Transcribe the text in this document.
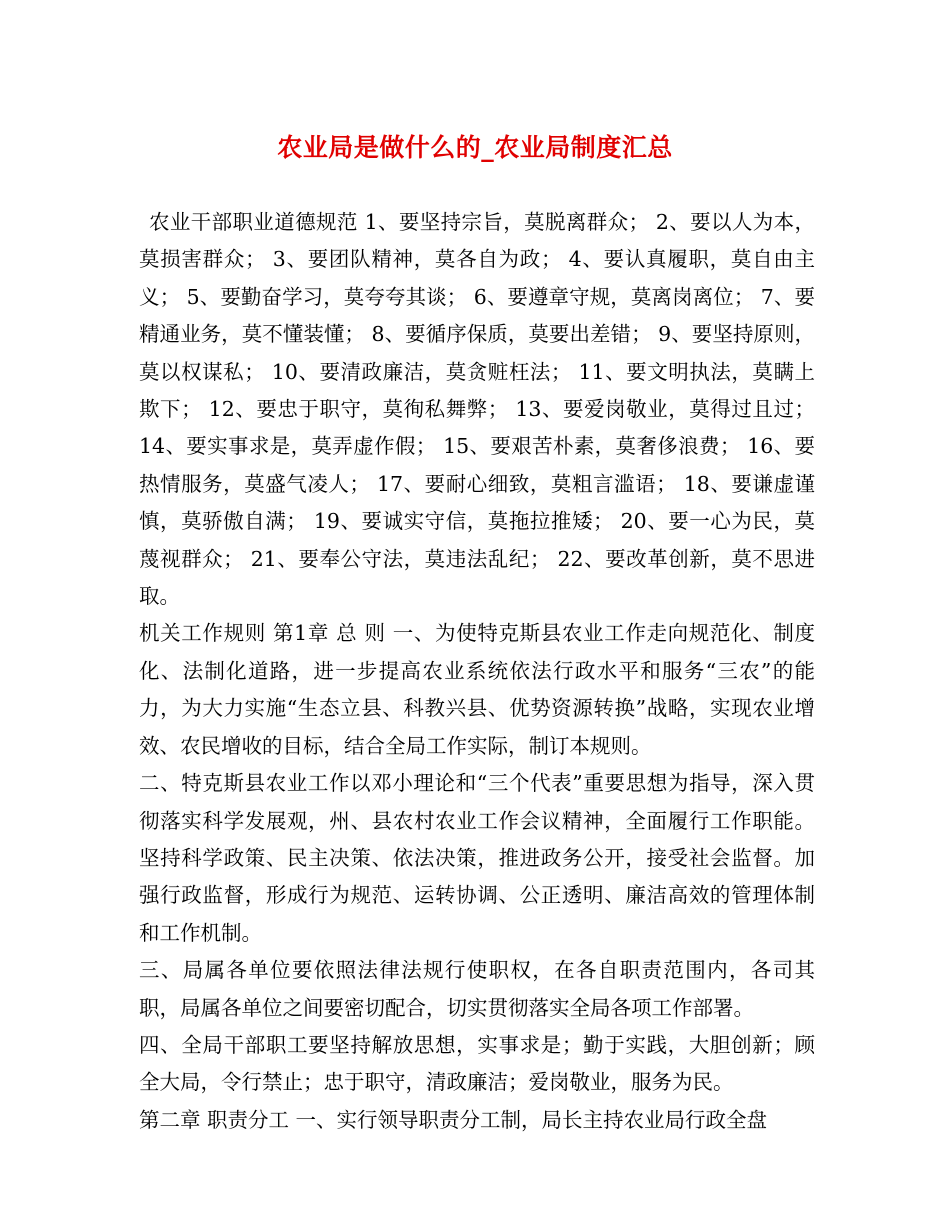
农业局是做什么的_农业局制度汇总

农业干部职业道德规范 1、要坚持宗旨，莫脱离群众； 2、要以人为本，莫损害群众； 3、要团队精神，莫各自为政； 4、要认真履职，莫自由主义； 5、要勤奋学习，莫夸夸其谈； 6、要遵章守规，莫离岗离位； 7、要精通业务，莫不懂装懂； 8、要循序保质，莫要出差错； 9、要坚持原则，莫以权谋私； 10、要清政廉洁，莫贪赃枉法； 11、要文明执法，莫瞒上欺下； 12、要忠于职守，莫徇私舞弊； 13、要爱岗敬业，莫得过且过； 14、要实事求是，莫弄虚作假； 15、要艰苦朴素，莫奢侈浪费； 16、要热情服务，莫盛气凌人； 17、要耐心细致，莫粗言滥语； 18、要谦虚谨慎，莫骄傲自满； 19、要诚实守信，莫拖拉推矮； 20、要一心为民，莫蔑视群众； 21、要奉公守法，莫违法乱纪； 22、要改革创新，莫不思进取。

机关工作规则 第1章 总 则 一、为使特克斯县农业工作走向规范化、制度化、法制化道路，进一步提高农业系统依法行政水平和服务“三农”的能力，为大力实施“生态立县、科教兴县、优势资源转换”战略，实现农业增效、农民增收的目标，结合全局工作实际，制订本规则。

二、特克斯县农业工作以邓小理论和“三个代表”重要思想为指导，深入贯彻落实科学发展观，州、县农村农业工作会议精神，全面履行工作职能。坚持科学政策、民主决策、依法决策，推进政务公开，接受社会监督。加强行政监督，形成行为规范、运转协调、公正透明、廉洁高效的管理体制和工作机制。

三、局属各单位要依照法律法规行使职权，在各自职责范围内，各司其职，局属各单位之间要密切配合，切实贯彻落实全局各项工作部署。

四、全局干部职工要坚持解放思想，实事求是；勤于实践，大胆创新；顾全大局，令行禁止；忠于职守，清政廉洁；爱岗敬业，服务为民。

第二章 职责分工 一、实行领导职责分工制，局长主持农业局行政全盘
